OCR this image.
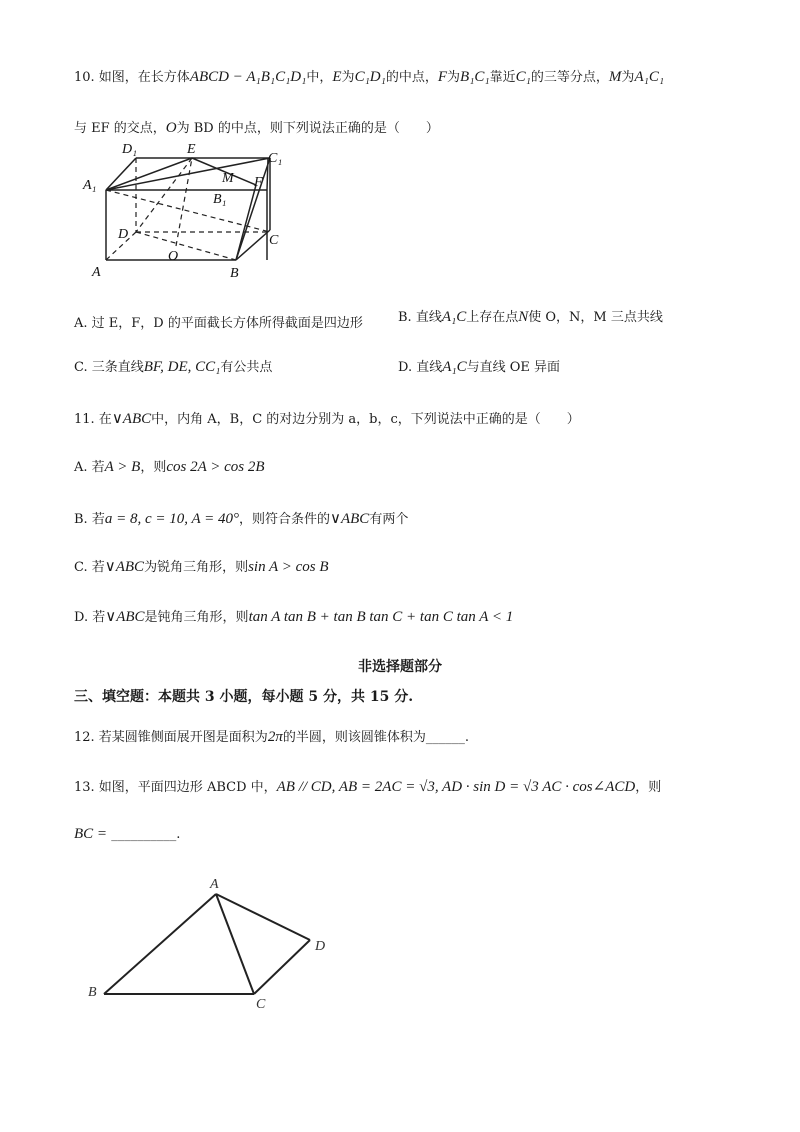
10. 如图，在长方体ABCD − A₁B₁C₁D₁中，E为C₁D₁的中点，F为B₁C₁靠近C₁的三等分点，M为A₁C₁
与 EF 的交点，O为 BD 的中点，则下列说法正确的是（　　）
D₁	E
C₁
A₁	M F
B₁
D	C
A
O
B
A. 过 E，F，D 的平面截长方体所得截面是四边形	B. 直线A₁C上存在点N使 O，N，M 三点共线
C. 三条直线BF, DE, CC₁有公共点	D. 直线A₁C与直线 OE 异面
11. 在∨ABC中，内角 A，B，C 的对边分别为 a，b，c，下列说法中正确的是（　　）
A. 若A > B，则cos 2A > cos 2B
B. 若a = 8, c = 10, A = 40°，则符合条件的∨ABC有两个
C. 若∨ABC为锐角三角形，则sin A > cos B
D. 若∨ABC是钝角三角形，则tan A tan B + tan B tan C + tan C tan A < 1
非选择题部分
三、填空题：本题共 3 小题，每小题 5 分，共 15 分.
12. 若某圆锥侧面展开图是面积为2π的半圆，则该圆锥体积为______.
13. 如图，平面四边形 ABCD 中，AB // CD, AB = 2AC = √3, AD · sin D = √3 AC · cos∠ACD，则
BC = __________.
A
B
C
D
